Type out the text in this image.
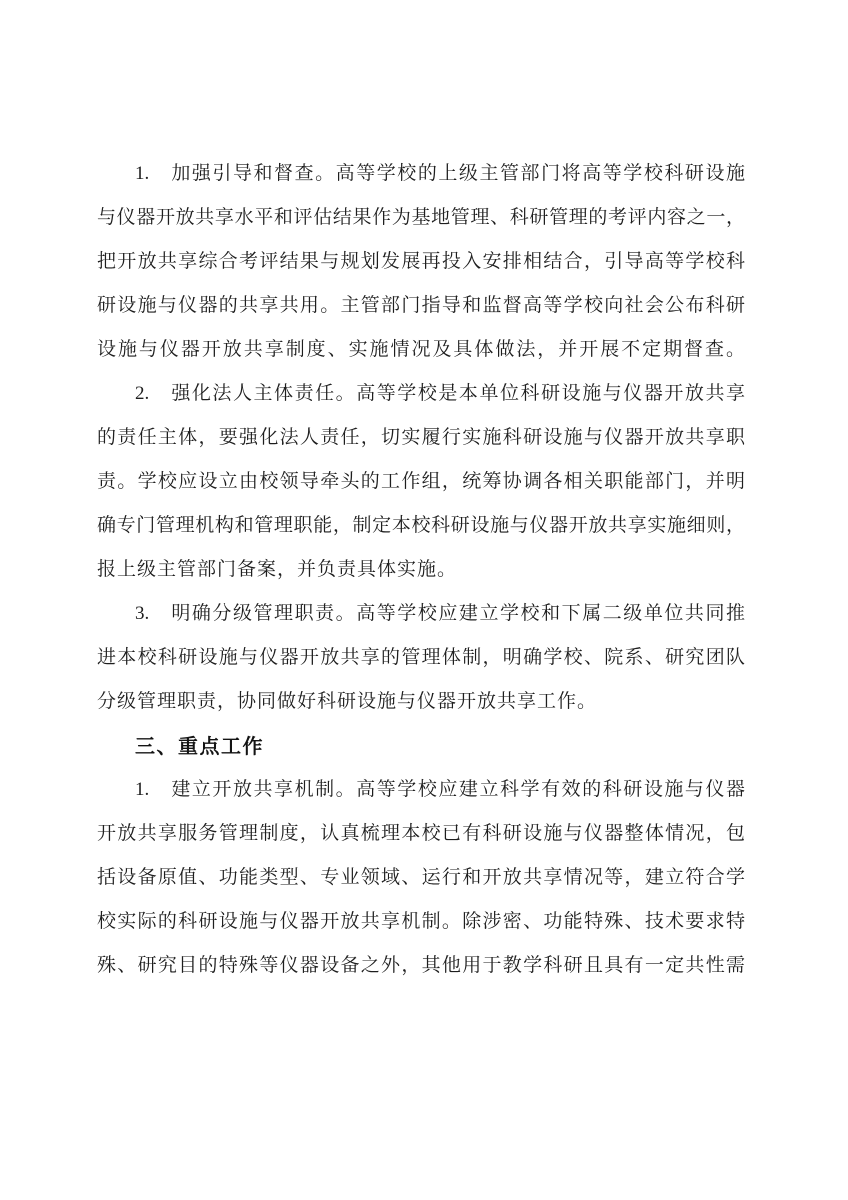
1.　加强引导和督查。高等学校的上级主管部门将高等学校科研设施
与仪器开放共享水平和评估结果作为基地管理、科研管理的考评内容之一，
把开放共享综合考评结果与规划发展再投入安排相结合，引导高等学校科
研设施与仪器的共享共用。主管部门指导和监督高等学校向社会公布科研
设施与仪器开放共享制度、实施情况及具体做法，并开展不定期督查。
2.　强化法人主体责任。高等学校是本单位科研设施与仪器开放共享
的责任主体，要强化法人责任，切实履行实施科研设施与仪器开放共享职
责。学校应设立由校领导牵头的工作组，统筹协调各相关职能部门，并明
确专门管理机构和管理职能，制定本校科研设施与仪器开放共享实施细则，
报上级主管部门备案，并负责具体实施。
3.　明确分级管理职责。高等学校应建立学校和下属二级单位共同推
进本校科研设施与仪器开放共享的管理体制，明确学校、院系、研究团队
分级管理职责，协同做好科研设施与仪器开放共享工作。
三、重点工作
1.　建立开放共享机制。高等学校应建立科学有效的科研设施与仪器
开放共享服务管理制度，认真梳理本校已有科研设施与仪器整体情况，包
括设备原值、功能类型、专业领域、运行和开放共享情况等，建立符合学
校实际的科研设施与仪器开放共享机制。除涉密、功能特殊、技术要求特
殊、研究目的特殊等仪器设备之外，其他用于教学科研且具有一定共性需
